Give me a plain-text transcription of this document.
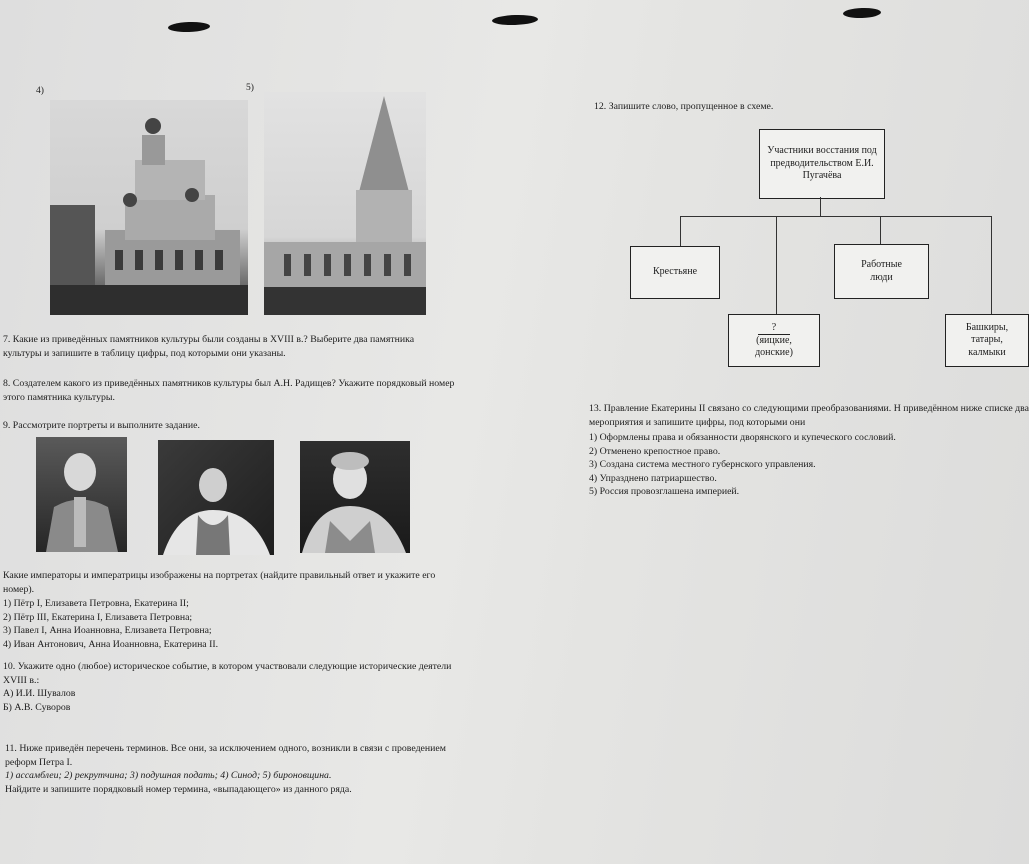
4)	5)
7. Какие из приведённых памятников культуры были созданы в XVIII в.? Выберите два памятника культуры и запишите в таблицу цифры, под которыми они указаны.
8. Создателем какого из приведённых памятников культуры был А.Н. Радищев? Укажите порядковый номер этого памятника культуры.
9. Рассмотрите портреты и выполните задание.
Какие императоры и императрицы изображены на портретах (найдите правильный ответ и укажите его номер).
1) Пётр I, Елизавета Петровна, Екатерина II;
2) Пётр III, Екатерина I, Елизавета Петровна;
3) Павел I, Анна Иоанновна, Елизавета Петровна;
4) Иван Антонович, Анна Иоанновна, Екатерина II.
10. Укажите одно (любое) историческое событие, в котором участвовали следующие исторические деятели XVIII в.:
А) И.И. Шувалов
Б) А.В. Суворов
11. Ниже приведён перечень терминов. Все они, за исключением одного, возникли в связи с проведением реформ Петра I.
1) ассамблеи; 2) рекрутчина; 3) подушная подать; 4) Синод; 5) бироновщина.
Найдите и запишите порядковый номер термина, «выпадающего» из данного ряда.
12. Запишите слово, пропущенное в схеме.
Участники восстания под предводительством Е.И. Пугачёва
Крестьяне
Работные люди
?
(яицкие, донские)
Башкиры, татары, калмыки
13. Правление Екатерины II связано со следующими преобразованиями. Н приведённом ниже списке два мероприятия и запишите цифры, под которыми они
1) Оформлены права и обязанности дворянского и купеческого сословий.
2) Отменено крепостное право.
3) Создана система местного губернского управления.
4) Упразднено патриаршество.
5) Россия провозглашена империей.
